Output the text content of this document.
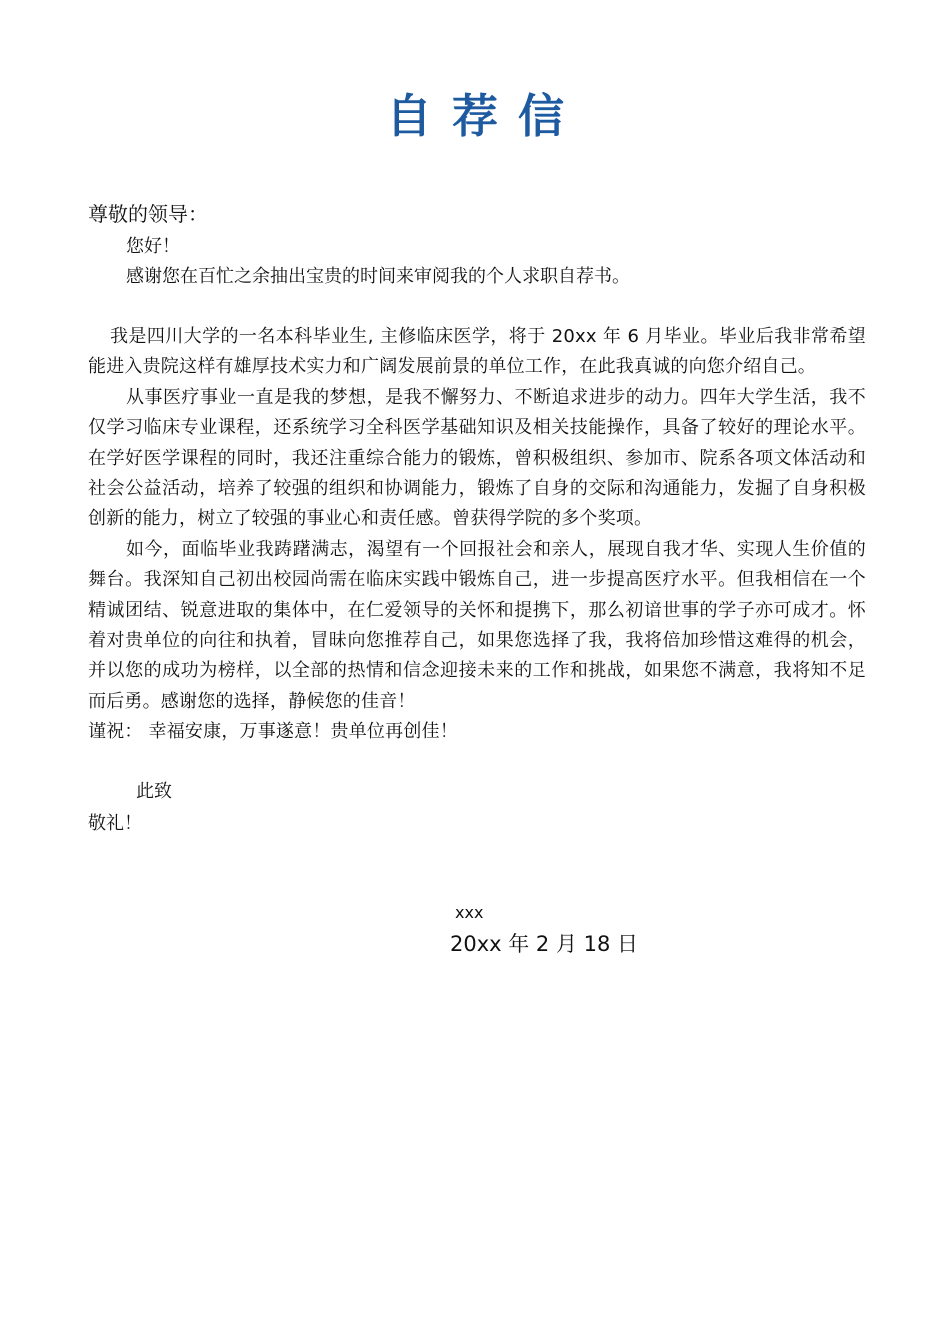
自荐信
尊敬的领导：
您好！
感谢您在百忙之余抽出宝贵的时间来审阅我的个人求职自荐书。

我是四川大学的一名本科毕业生, 主修临床医学，将于 20xx 年 6 月毕业。毕业后我非常希望能进入贵院这样有雄厚技术实力和广阔发展前景的单位工作，在此我真诚的向您介绍自己。

从事医疗事业一直是我的梦想，是我不懈努力、不断追求进步的动力。四年大学生活，我不仅学习临床专业课程，还系统学习全科医学基础知识及相关技能操作，具备了较好的理论水平。在学好医学课程的同时，我还注重综合能力的锻炼，曾积极组织、参加市、院系各项文体活动和社会公益活动，培养了较强的组织和协调能力，锻炼了自身的交际和沟通能力，发掘了自身积极创新的能力，树立了较强的事业心和责任感。曾获得学院的多个奖项。

如今，面临毕业我踌躇满志，渴望有一个回报社会和亲人，展现自我才华、实现人生价值的舞台。我深知自己初出校园尚需在临床实践中锻炼自己，进一步提高医疗水平。但我相信在一个精诚团结、锐意进取的集体中，在仁爱领导的关怀和提携下，那么初谙世事的学子亦可成才。怀着对贵单位的向往和执着，冒昧向您推荐自己，如果您选择了我，我将倍加珍惜这难得的机会，并以您的成功为榜样，以全部的热情和信念迎接未来的工作和挑战，如果您不满意，我将知不足而后勇。感谢您的选择，静候您的佳音！

谨祝： 幸福安康，万事遂意！贵单位再创佳！

此致
敬礼！
xxx
20xx 年 2 月 18 日
